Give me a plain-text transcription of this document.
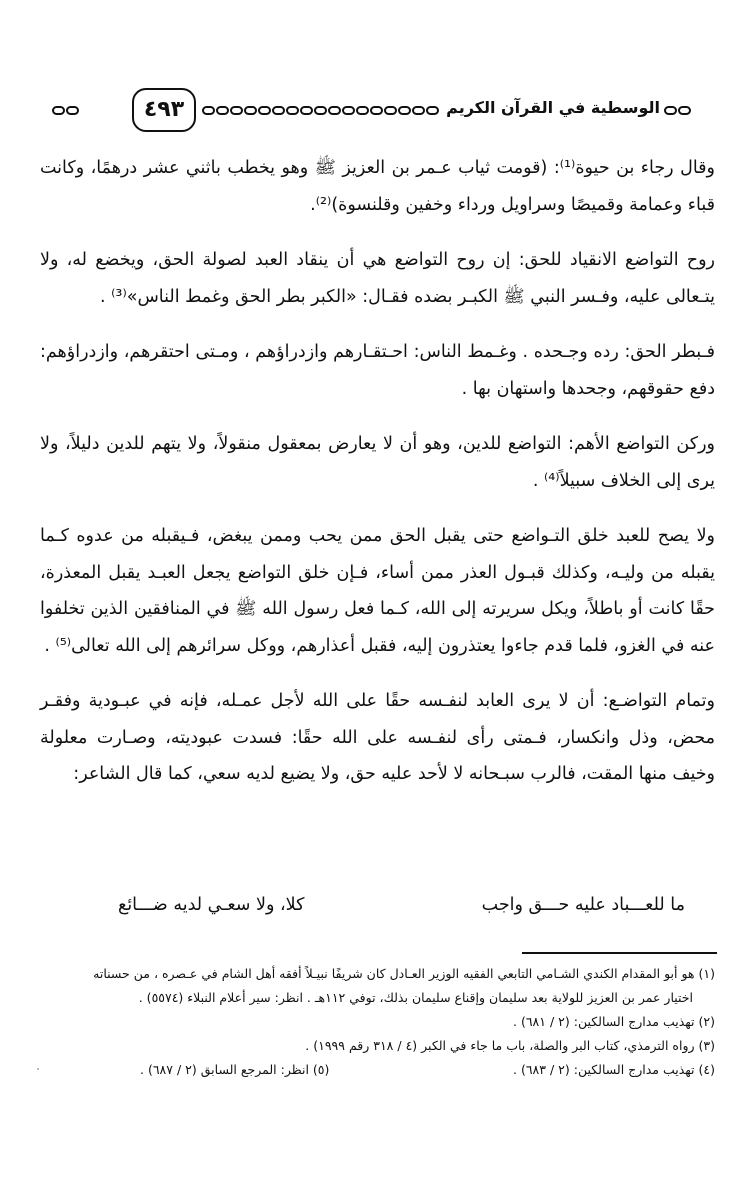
٤٩٣	الوسطية في القرآن الكريم

وقال رجاء بن حيوة⁽¹⁾: (قومت ثياب عـمر بن العزيز ﷺ وهو يخطب باثني عشر درهمًا، وكانت قباء وعمامة وقميصًا وسراويل ورداء وخفين وقلنسوة)⁽²⁾.

روح التواضع الانقياد للحق: إن روح التواضع هي أن ينقاد العبد لصولة الحق، ويخضع له، ولا يتـعالى عليه، وفـسر النبي ﷺ الكبـر بضده فقـال: «الكبر بطر الحق وغمط الناس»⁽³⁾ .

فـبطر الحق: رده وجـحده . وغـمط الناس: احـتقـارهم وازدراؤهم ، ومـتى احتقرهم، وازدراؤهم: دفع حقوقهم، وجحدها واستهان بها .

وركن التواضع الأهم: التواضع للدين، وهو أن لا يعارض بمعقول منقولاً، ولا يتهم للدين دليلاً، ولا يرى إلى الخلاف سبيلاً⁽⁴⁾ .

ولا يصح للعبد خلق التـواضع حتى يقبل الحق ممن يحب وممن يبغض، فـيقبله من عدوه كـما يقبله من وليـه، وكذلك قبـول العذر ممن أساء، فـإن خلق التواضع يجعل العبـد يقبل المعذرة، حقًا كانت أو باطلاً، ويكل سريرته إلى الله، كـما فعل رسول الله ﷺ في المنافقين الذين تخلفوا عنه في الغزو، فلما قدم جاءوا يعتذرون إليه، فقبل أعذارهم، ووكل سرائرهم إلى الله تعالى⁽⁵⁾ .

وتمام التواضـع: أن لا يرى العابد لنفـسه حقًا على الله لأجل عمـله، فإنه في عبـودية وفقـر محض، وذل وانكسار، فـمتى رأى لنفـسه على الله حقًا: فسدت عبوديته، وصـارت معلولة وخيف منها المقت، فالرب سبـحانه لا لأحد عليه حق، ولا يضيع لديه سعي، كما قال الشاعر:

ما للعـــباد عليه حـــق واجب
كلا، ولا سعـي لديه ضـــائع

(١) هو أبو المقدام الكندي الشـامي التابعي الفقيه الوزير العـادل كان شريفًا نبيـلاً أفقه أهل الشام في عـصره ، من حسناته

اختيار عمر بن العزيز للولاية بعد سليمان وإقناع سليمان بذلك، توفي ١١٢هـ . انظر: سير أعلام النبلاء (٥٥٧٤) .

(٢) تهذيب مدارج السالكين: (٢ / ٦٨١) .

(٣) رواه الترمذي، كتاب البر والصلة، باب ما جاء في الكبر (٤ / ٣١٨ رقم ١٩٩٩) .

(٤) تهذيب مدارج السالكين: (٢ / ٦٨٣) .
(٥) انظر: المرجع السابق (٢ / ٦٨٧) .
